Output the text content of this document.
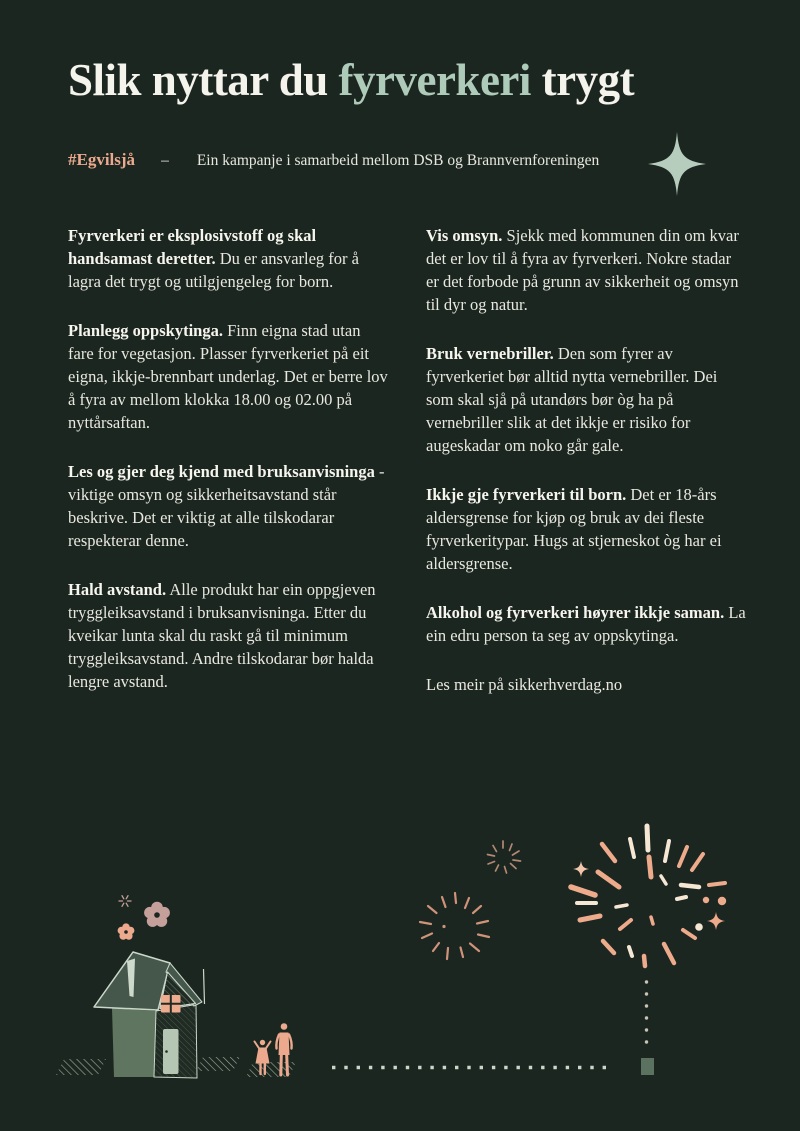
Slik nyttar du fyrverkeri trygt
#Egvilsjå – Ein kampanje i samarbeid mellom DSB og Brannvernforeningen

Fyrverkeri er eksplosivstoff og skal handsamast deretter. Du er ansvarleg for å lagra det trygt og utilgjengeleg for born.

Planlegg oppskytinga. Finn eigna stad utan fare for vegetasjon. Plasser fyrverkeriet på eit eigna, ikkje-brennbart underlag. Det er berre lov å fyra av mellom klokka 18.00 og 02.00 på nyttårsaftan.

Les og gjer deg kjend med bruksanvisninga - viktige omsyn og sikkerheitsavstand står beskrive. Det er viktig at alle tilskodarar respekterar denne.

Hald avstand. Alle produkt har ein oppgjeven tryggleiksavstand i bruksanvisninga. Etter du kveikar lunta skal du raskt gå til minimum tryggleiksavstand. Andre tilskodarar bør halda lengre avstand.

Vis omsyn. Sjekk med kommunen din om kvar det er lov til å fyra av fyrverkeri. Nokre stadar er det forbode på grunn av sikkerheit og omsyn til dyr og natur.

Bruk vernebriller. Den som fyrer av fyrverkeriet bør alltid nytta vernebriller. Dei som skal sjå på utandørs bør òg ha på vernebriller slik at det ikkje er risiko for augeskadar om noko går gale.

Ikkje gje fyrverkeri til born. Det er 18-års aldersgrense for kjøp og bruk av dei fleste fyrverkeritypar. Hugs at stjerneskot òg har ei aldersgrense.

Alkohol og fyrverkeri høyrer ikkje saman. La ein edru person ta seg av oppskytinga.

Les meir på sikkerhverdag.no
